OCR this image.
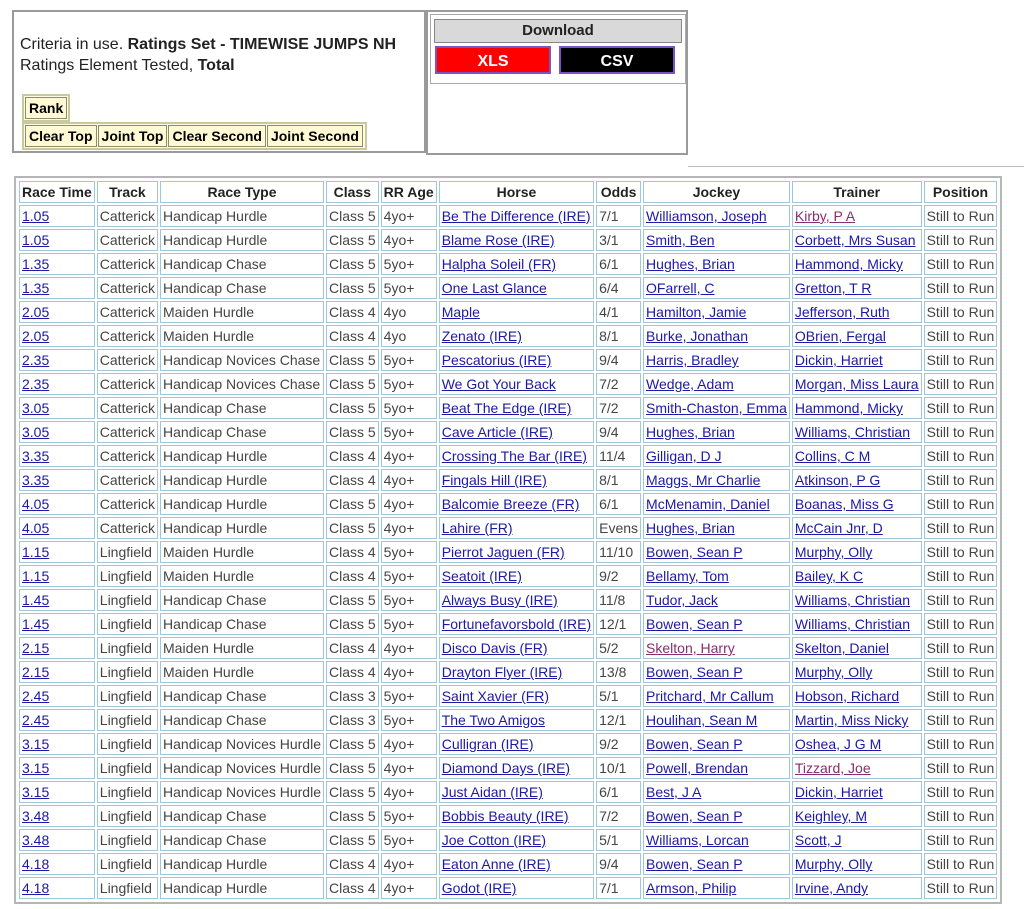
Criteria in use. Ratings Set - TIMEWISE JUMPS NH
Ratings Element Tested, Total
Rank
Clear Top Joint Top Clear Second Joint Second
Download
XLS	CSV
Race Time	Track	Race Type	Class	RR Age	Horse	Odds	Jockey	Trainer	Position
1.05	Catterick	Handicap Hurdle	Class 5	4yo+	Be The Difference (IRE)	7/1	Williamson, Joseph	Kirby, P A	Still to Run
1.05	Catterick	Handicap Hurdle	Class 5	4yo+	Blame Rose (IRE)	3/1	Smith, Ben	Corbett, Mrs Susan	Still to Run
1.35	Catterick	Handicap Chase	Class 5	5yo+	Halpha Soleil (FR)	6/1	Hughes, Brian	Hammond, Micky	Still to Run
1.35	Catterick	Handicap Chase	Class 5	5yo+	One Last Glance	6/4	OFarrell, C	Gretton, T R	Still to Run
2.05	Catterick	Maiden Hurdle	Class 4	4yo	Maple	4/1	Hamilton, Jamie	Jefferson, Ruth	Still to Run
2.05	Catterick	Maiden Hurdle	Class 4	4yo	Zenato (IRE)	8/1	Burke, Jonathan	OBrien, Fergal	Still to Run
2.35	Catterick	Handicap Novices Chase	Class 5	5yo+	Pescatorius (IRE)	9/4	Harris, Bradley	Dickin, Harriet	Still to Run
2.35	Catterick	Handicap Novices Chase	Class 5	5yo+	We Got Your Back	7/2	Wedge, Adam	Morgan, Miss Laura	Still to Run
3.05	Catterick	Handicap Chase	Class 5	5yo+	Beat The Edge (IRE)	7/2	Smith-Chaston, Emma	Hammond, Micky	Still to Run
3.05	Catterick	Handicap Chase	Class 5	5yo+	Cave Article (IRE)	9/4	Hughes, Brian	Williams, Christian	Still to Run
3.35	Catterick	Handicap Hurdle	Class 4	4yo+	Crossing The Bar (IRE)	11/4	Gilligan, D J	Collins, C M	Still to Run
3.35	Catterick	Handicap Hurdle	Class 4	4yo+	Fingals Hill (IRE)	8/1	Maggs, Mr Charlie	Atkinson, P G	Still to Run
4.05	Catterick	Handicap Hurdle	Class 5	4yo+	Balcomie Breeze (FR)	6/1	McMenamin, Daniel	Boanas, Miss G	Still to Run
4.05	Catterick	Handicap Hurdle	Class 5	4yo+	Lahire (FR)	Evens	Hughes, Brian	McCain Jnr, D	Still to Run
1.15	Lingfield	Maiden Hurdle	Class 4	5yo+	Pierrot Jaguen (FR)	11/10	Bowen, Sean P	Murphy, Olly	Still to Run
1.15	Lingfield	Maiden Hurdle	Class 4	5yo+	Seatoit (IRE)	9/2	Bellamy, Tom	Bailey, K C	Still to Run
1.45	Lingfield	Handicap Chase	Class 5	5yo+	Always Busy (IRE)	11/8	Tudor, Jack	Williams, Christian	Still to Run
1.45	Lingfield	Handicap Chase	Class 5	5yo+	Fortunefavorsbold (IRE)	12/1	Bowen, Sean P	Williams, Christian	Still to Run
2.15	Lingfield	Maiden Hurdle	Class 4	4yo+	Disco Davis (FR)	5/2	Skelton, Harry	Skelton, Daniel	Still to Run
2.15	Lingfield	Maiden Hurdle	Class 4	4yo+	Drayton Flyer (IRE)	13/8	Bowen, Sean P	Murphy, Olly	Still to Run
2.45	Lingfield	Handicap Chase	Class 3	5yo+	Saint Xavier (FR)	5/1	Pritchard, Mr Callum	Hobson, Richard	Still to Run
2.45	Lingfield	Handicap Chase	Class 3	5yo+	The Two Amigos	12/1	Houlihan, Sean M	Martin, Miss Nicky	Still to Run
3.15	Lingfield	Handicap Novices Hurdle	Class 5	4yo+	Culligran (IRE)	9/2	Bowen, Sean P	Oshea, J G M	Still to Run
3.15	Lingfield	Handicap Novices Hurdle	Class 5	4yo+	Diamond Days (IRE)	10/1	Powell, Brendan	Tizzard, Joe	Still to Run
3.15	Lingfield	Handicap Novices Hurdle	Class 5	4yo+	Just Aidan (IRE)	6/1	Best, J A	Dickin, Harriet	Still to Run
3.48	Lingfield	Handicap Chase	Class 5	5yo+	Bobbis Beauty (IRE)	7/2	Bowen, Sean P	Keighley, M	Still to Run
3.48	Lingfield	Handicap Chase	Class 5	5yo+	Joe Cotton (IRE)	5/1	Williams, Lorcan	Scott, J	Still to Run
4.18	Lingfield	Handicap Hurdle	Class 4	4yo+	Eaton Anne (IRE)	9/4	Bowen, Sean P	Murphy, Olly	Still to Run
4.18	Lingfield	Handicap Hurdle	Class 4	4yo+	Godot (IRE)	7/1	Armson, Philip	Irvine, Andy	Still to Run
